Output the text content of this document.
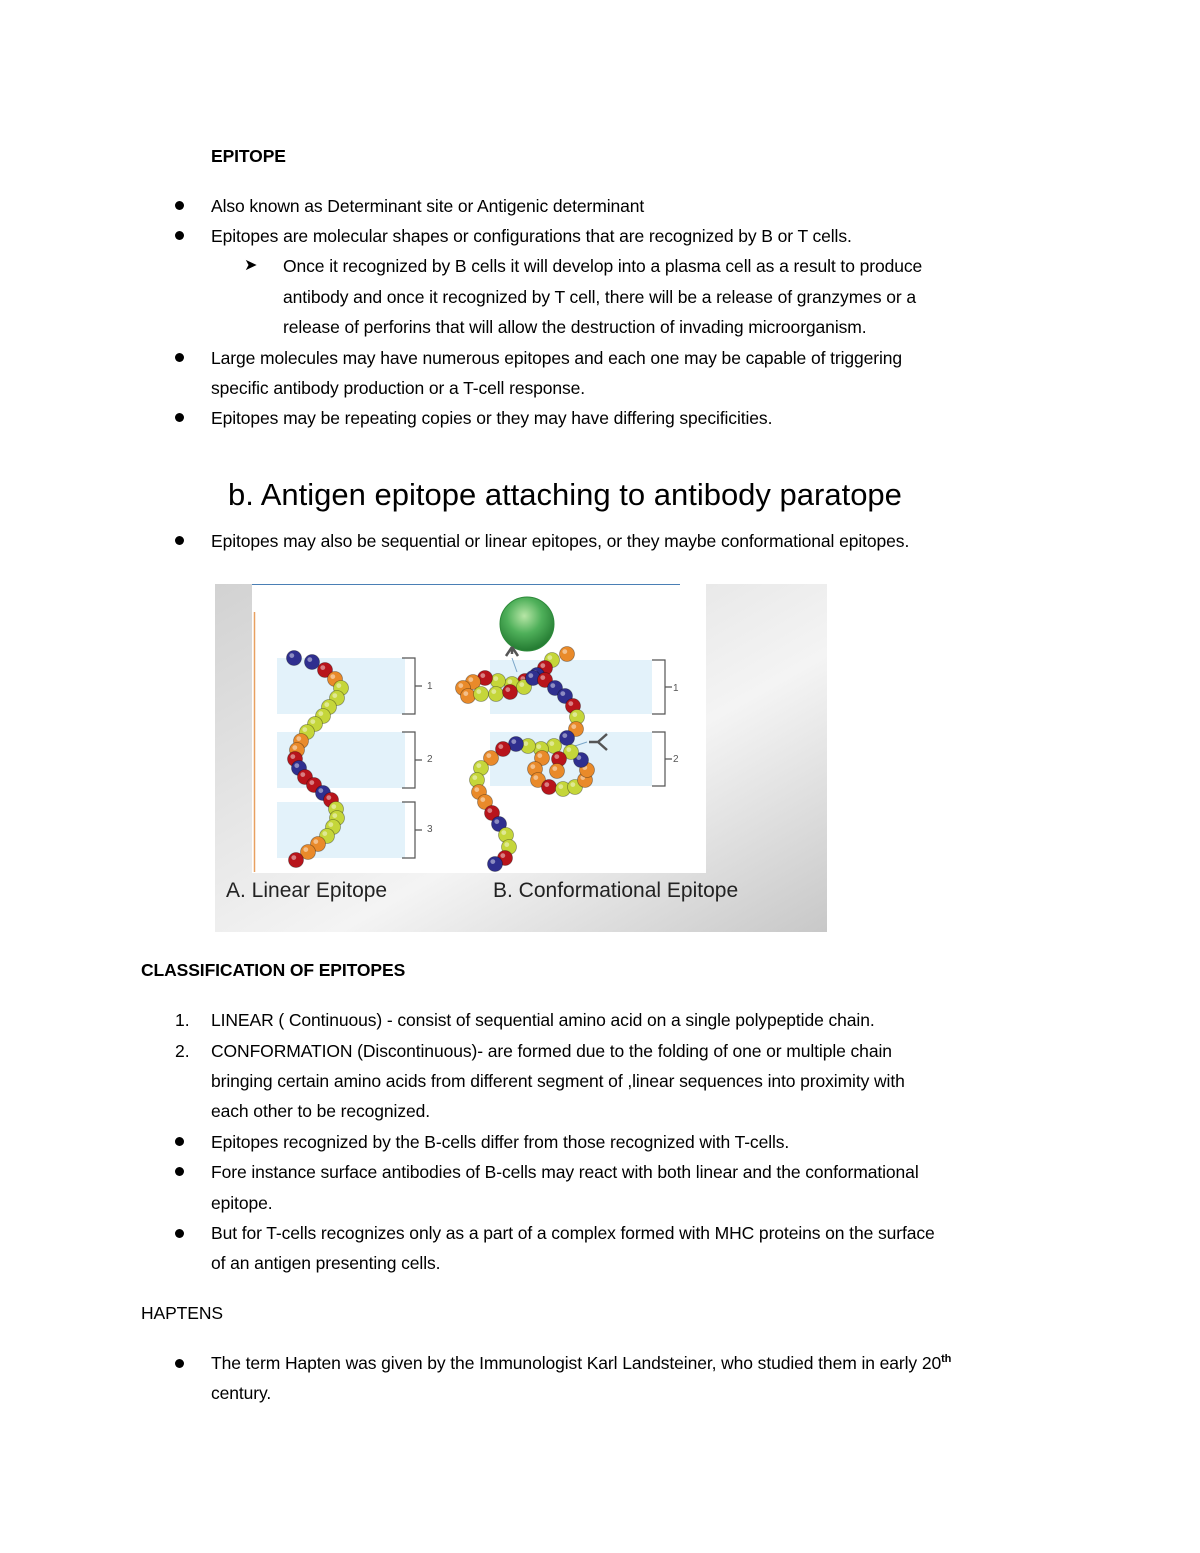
EPITOPE
Also known as Determinant site or Antigenic determinant
Epitopes are molecular shapes or configurations that are recognized by B or T cells.
➤ Once it recognized by B cells it will develop into a plasma cell as a result to produce
antibody and once it recognized by T cell, there will be a release of granzymes or a
release of perforins that will allow the destruction of invading microorganism.
Large molecules may have numerous epitopes and each one may be capable of triggering
specific antibody production or a T-cell response.
Epitopes may be repeating copies or they may have differing specificities.
b. Antigen epitope attaching to antibody paratope
Epitopes may also be sequential or linear epitopes, or they maybe conformational epitopes.
1
2
3
1
2
A. Linear Epitope	B. Conformational Epitope
CLASSIFICATION OF EPITOPES
1. LINEAR ( Continuous) - consist of sequential amino acid on a single polypeptide chain.
2. CONFORMATION (Discontinuous)- are formed due to the folding of one or multiple chain
bringing certain amino acids from different segment of ,linear sequences into proximity with
each other to be recognized.
Epitopes recognized by the B-cells differ from those recognized with T-cells.
Fore instance surface antibodies of B-cells may react with both linear and the conformational
epitope.
But for T-cells recognizes only as a part of a complex formed with MHC proteins on the surface
of an antigen presenting cells.
HAPTENS
The term Hapten was given by the Immunologist Karl Landsteiner, who studied them in early 20th
century.
